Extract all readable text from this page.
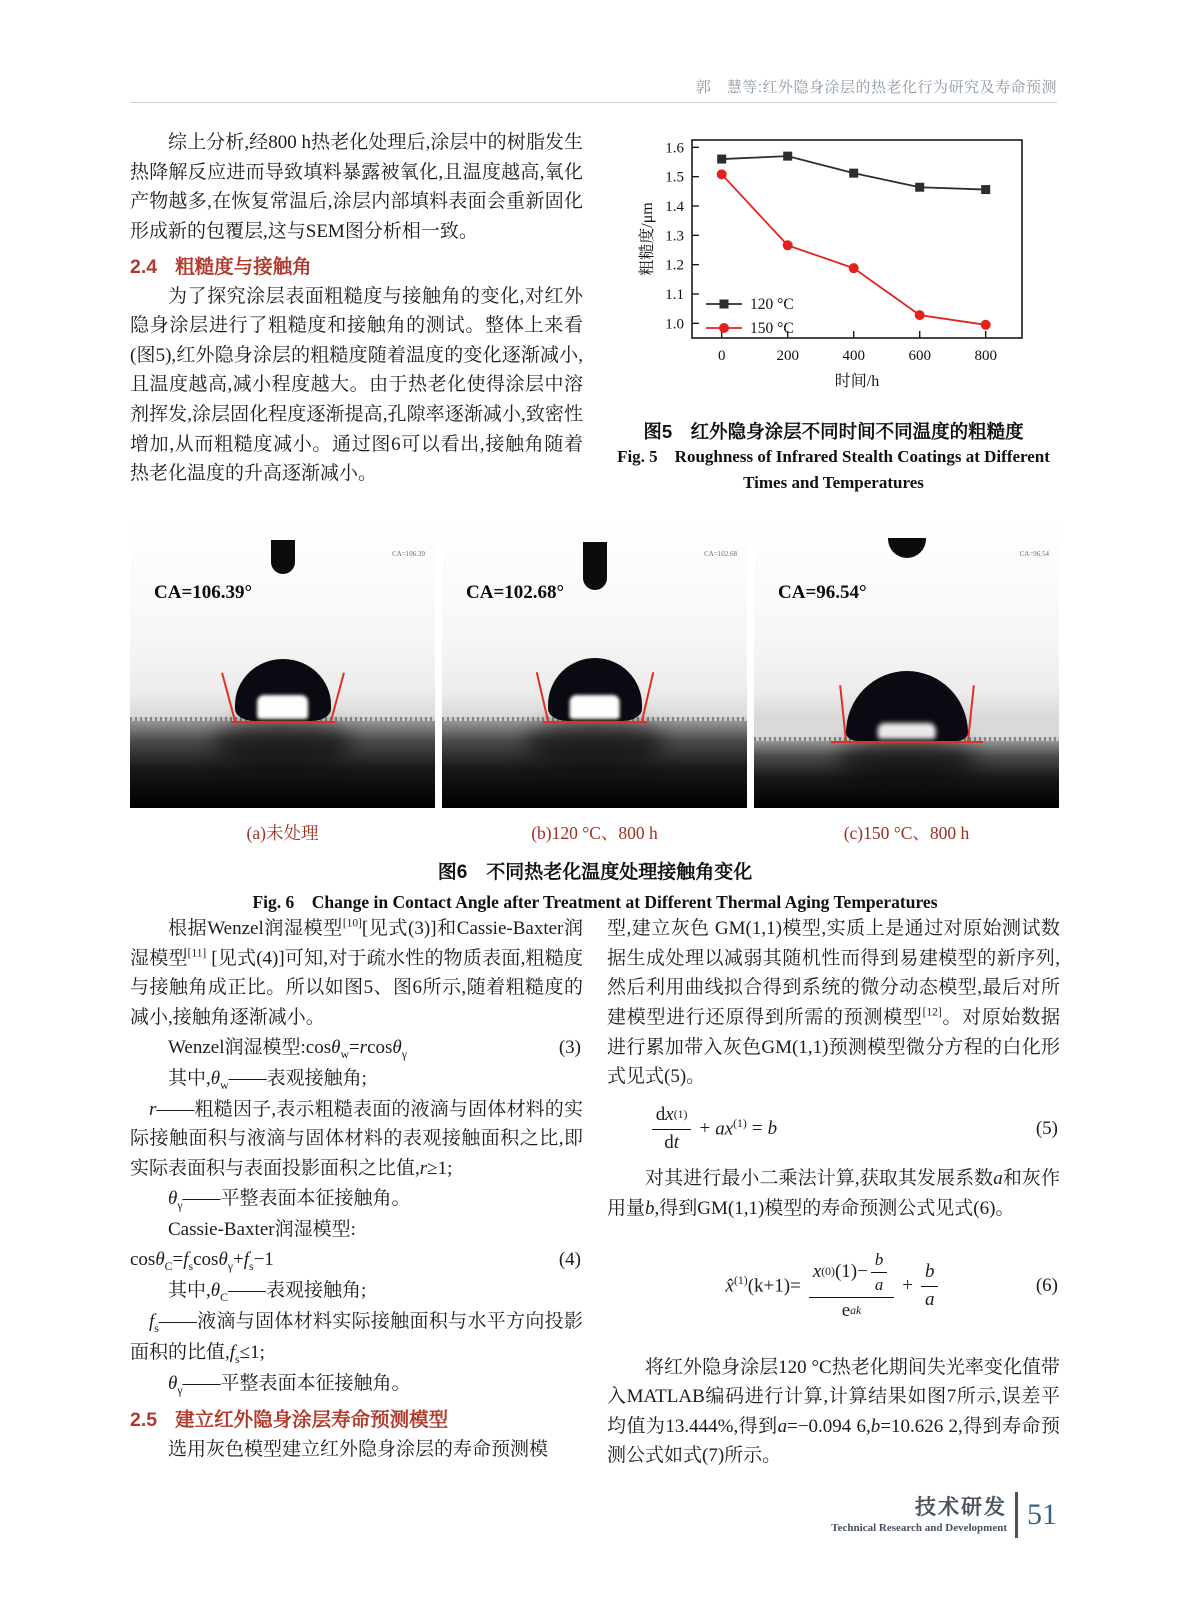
郭　慧等:红外隐身涂层的热老化行为研究及寿命预测

综上分析,经800 h热老化处理后,涂层中的树脂发生热降解反应进而导致填料暴露被氧化,且温度越高,氧化产物越多,在恢复常温后,涂层内部填料表面会重新固化形成新的包覆层,这与SEM图分析相一致。

2.4 粗糙度与接触角

为了探究涂层表面粗糙度与接触角的变化,对红外隐身涂层进行了粗糙度和接触角的测试。整体上来看(图5),红外隐身涂层的粗糙度随着温度的变化逐渐减小,且温度越高,减小程度越大。由于热老化使得涂层中溶剂挥发,涂层固化程度逐渐提高,孔隙率逐渐减小,致密性增加,从而粗糙度减小。通过图6可以看出,接触角随着热老化温度的升高逐渐减小。

1.0
1.1
1.2
1.3
1.4
1.5
1.6
0	200	400	600	800
粗糙度/μm
时间/h
120 °C
150 °C
图5　红外隐身涂层不同时间不同温度的粗糙度
Fig. 5　Roughness of Infrared Stealth Coatings at Different
Times and Temperatures
CA=106.39°
CA=106.39
CA=102.68°
CA=102.68
CA=96.54°
CA=96.54
(a)未处理	(b)120 °C、800 h	(c)150 °C、800 h
图6　不同热老化温度处理接触角变化
Fig. 6　Change in Contact Angle after Treatment at Different Thermal Aging Temperatures

根据Wenzel润湿模型[10][见式(3)]和Cassie-Baxter润湿模型[11] [见式(4)]可知,对于疏水性的物质表面,粗糙度与接触角成正比。所以如图5、图6所示,随着粗糙度的减小,接触角逐渐减小。

Wenzel润湿模型:cosθ$_w$=rcosθ$_\gamma$	(3)

其中$,\theta_w——$表观接触角;

r——粗糙因子,表示粗糙表面的液滴与固体材料的实际接触面积与液滴与固体材料的表观接触面积之比,即实际表面积与表面投影面积之比值,r≥1;

$\theta_\gamma——$平整表面本征接触角。

Cassie-Baxter润湿模型:

$\cos\theta_C=f_s\cos\theta_\gamma+f_s-1$	(4)

其中$,\theta_C——$表观接触角;

$f_s——$液滴与固体材料实际接触面积与水平方向投影面积的比值$,f_s\le 1$;

$\theta_\gamma——$平整表面本征接触角。

2.5 建立红外隐身涂层寿命预测模型

选用灰色模型建立红外隐身涂层的寿命预测模

型,建立灰色 GM(1,1)模型,实质上是通过对原始测试数据生成处理以减弱其随机性而得到易建模型的新序列,然后利用曲线拟合得到系统的微分动态模型,最后对所建模型进行还原得到所需的预测模型[12]。对原始数据进行累加带入灰色GM(1,1)预测模型微分方程的白化形式见式(5)。

$\frac{\text{d x (1)}}{\text{d t}} + ax^{(1)} = b$	(5)

对其进行最小二乘法计算,获取其发展系数a和灰作用量b,得到GM(1,1)模型的寿命预测公式见式(6)。

x̂$^{(1)}$(k+1)= $\frac{x (0) (1)- \frac{b}{a}}{\text{e ak}} + \frac{b}{a}$	(6)

将红外隐身涂层120 °C热老化期间失光率变化值带入MATLAB编码进行计算,计算结果如图7所示,误差平均值为13.444%,得到a=−0.094 6,b=10.626 2,得到寿命预测公式如式(7)所示。

技术研发
Technical Research and Development 51
